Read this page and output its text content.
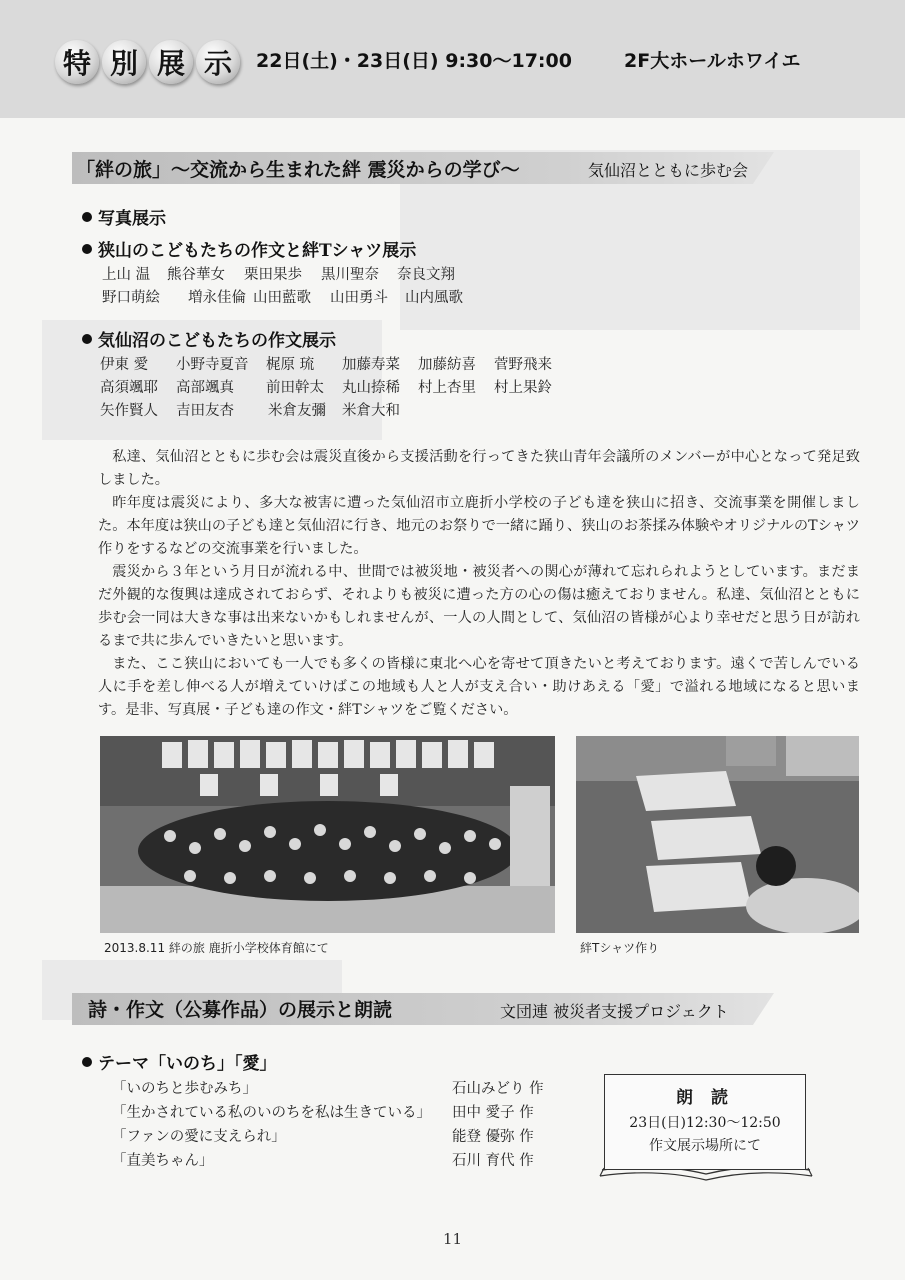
特 別 展 示	22日(土)・23日(日) 9:30～17:00	2F大ホールホワイエ
「絆の旅」～交流から生まれた絆 震災からの学び～	気仙沼とともに歩む会
写真展示
狭山のこどもたちの作文と絆Tシャツ展示
上山 温	熊谷華女	栗田果歩	黒川聖奈	奈良文翔
野口萌絵	増永佳倫 山田藍歌	山田勇斗	山内風歌
気仙沼のこどもたちの作文展示
伊東 愛	小野寺夏音	梶原 琉	加藤寿菜	加藤紡喜	菅野飛来
高須颯耶	高部颯真	前田幹太	丸山捺稀	村上杏里	村上果鈴
矢作賢人	吉田友杏	米倉友彌	米倉大和

私達、気仙沼とともに歩む会は震災直後から支援活動を行ってきた狭山青年会議所のメンバーが中心となって発足致しました。

昨年度は震災により、多大な被害に遭った気仙沼市立鹿折小学校の子ども達を狭山に招き、交流事業を開催しました。本年度は狭山の子ども達と気仙沼に行き、地元のお祭りで一緒に踊り、狭山のお茶揉み体験やオリジナルのTシャツ作りをするなどの交流事業を行いました。

震災から３年という月日が流れる中、世間では被災地・被災者への関心が薄れて忘れられようとしています。まだまだ外観的な復興は達成されておらず、それよりも被災に遭った方の心の傷は癒えておりません。私達、気仙沼とともに歩む会一同は大きな事は出来ないかもしれませんが、一人の人間として、気仙沼の皆様が心より幸せだと思う日が訪れるまで共に歩んでいきたいと思います。

また、ここ狭山においても一人でも多くの皆様に東北へ心を寄せて頂きたいと考えております。遠くで苦しんでいる人に手を差し伸べる人が増えていけばこの地域も人と人が支え合い・助けあえる「愛」で溢れる地域になると思います。是非、写真展・子ども達の作文・絆Tシャツをご覧ください。

2013.8.11 絆の旅 鹿折小学校体育館にて	絆Tシャツ作り
詩・作文（公募作品）の展示と朗読	文団連 被災者支援プロジェクト
テーマ「いのち」「愛」
「いのちと歩むみち」	石山みどり 作
「生かされている私のいのちを私は生きている」 田中 愛子 作
「ファンの愛に支えられ」	能登 優弥 作
「直美ちゃん」	石川 育代 作
朗 読
23日(日)12:30～12:50
作文展示場所にて
11
